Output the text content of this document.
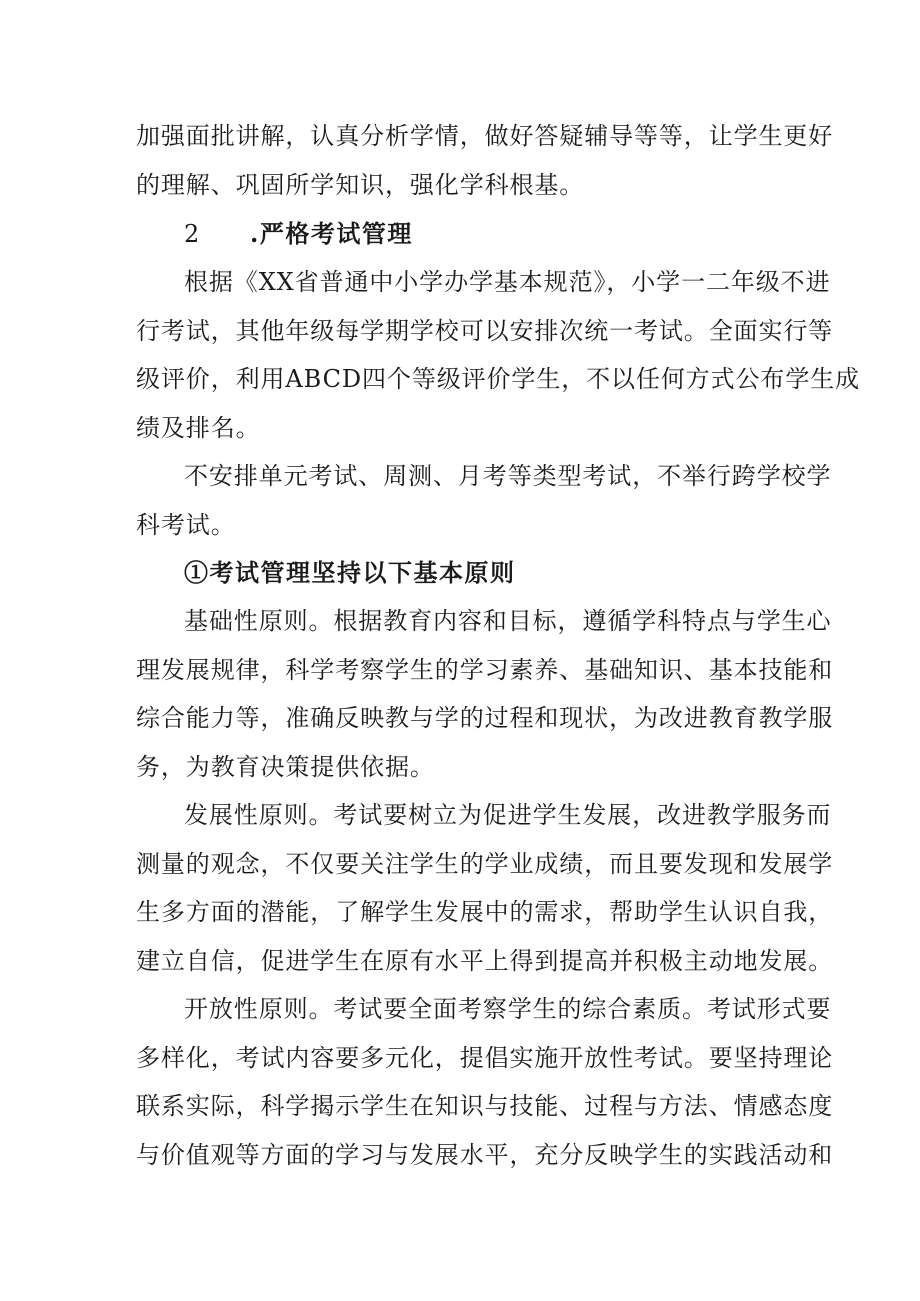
加强面批讲解，认真分析学情，做好答疑辅导等等，让学生更好
的理解、巩固所学知识，强化学科根基。
2 .严格考试管理
根据《XX省普通中小学办学基本规范》，小学一二年级不进
行考试，其他年级每学期学校可以安排次统一考试。全面实行等
级评价，利用ABCD四个等级评价学生，不以任何方式公布学生成
绩及排名。
不安排单元考试、周测、月考等类型考试，不举行跨学校学
科考试。
①考试管理坚持以下基本原则
基础性原则。根据教育内容和目标，遵循学科特点与学生心
理发展规律，科学考察学生的学习素养、基础知识、基本技能和
综合能力等，准确反映教与学的过程和现状，为改进教育教学服
务，为教育决策提供依据。
发展性原则。考试要树立为促进学生发展，改进教学服务而
测量的观念，不仅要关注学生的学业成绩，而且要发现和发展学
生多方面的潜能，了解学生发展中的需求，帮助学生认识自我，
建立自信，促进学生在原有水平上得到提高并积极主动地发展。
开放性原则。考试要全面考察学生的综合素质。考试形式要
多样化，考试内容要多元化，提倡实施开放性考试。要坚持理论
联系实际，科学揭示学生在知识与技能、过程与方法、情感态度
与价值观等方面的学习与发展水平，充分反映学生的实践活动和
